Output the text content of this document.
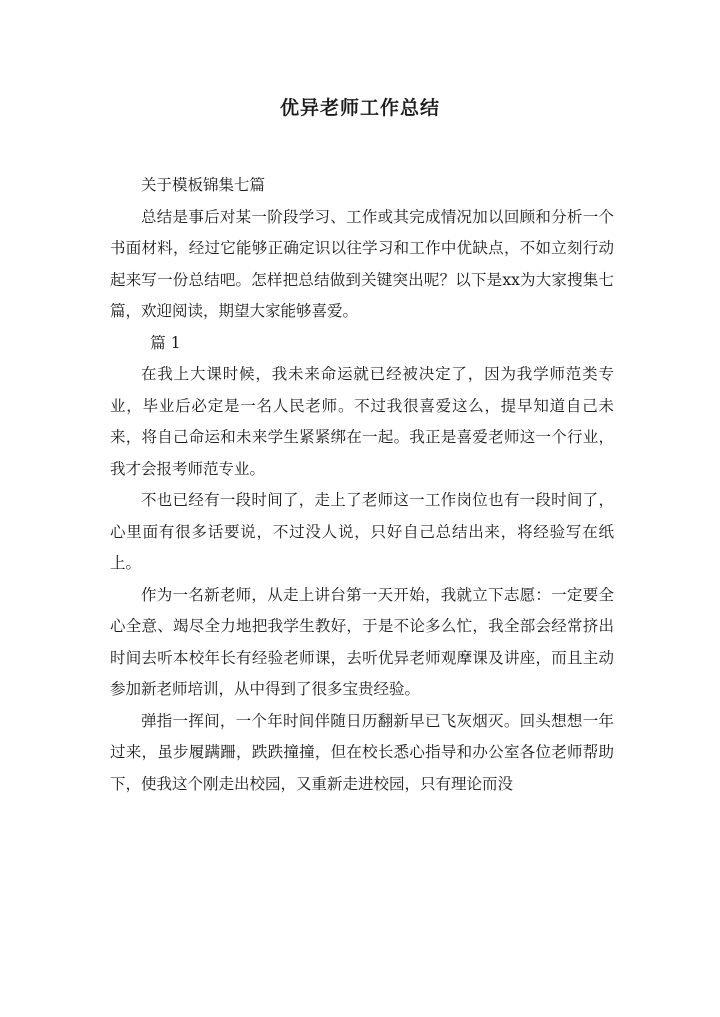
优异老师工作总结

关于模板锦集七篇

总结是事后对某一阶段学习、工作或其完成情况加以回顾和分析一个书面材料，经过它能够正确定识以往学习和工作中优缺点，不如立刻行动起来写一份总结吧。怎样把总结做到关键突出呢？以下是xx为大家搜集七篇，欢迎阅读，期望大家能够喜爱。

篇 1

在我上大课时候，我未来命运就已经被决定了，因为我学师范类专业，毕业后必定是一名人民老师。不过我很喜爱这么，提早知道自己未来，将自己命运和未来学生紧紧绑在一起。我正是喜爱老师这一个行业，我才会报考师范专业。

不也已经有一段时间了，走上了老师这一工作岗位也有一段时间了，心里面有很多话要说，不过没人说，只好自己总结出来，将经验写在纸上。

作为一名新老师，从走上讲台第一天开始，我就立下志愿：一定要全心全意、竭尽全力地把我学生教好，于是不论多么忙，我全部会经常挤出时间去听本校年长有经验老师课，去听优异老师观摩课及讲座，而且主动参加新老师培训，从中得到了很多宝贵经验。

弹指一挥间，一个年时间伴随日历翻新早已飞灰烟灭。回头想想一年过来，虽步履蹒跚，跌跌撞撞，但在校长悉心指导和办公室各位老师帮助下，使我这个刚走出校园，又重新走进校园，只有理论而没
